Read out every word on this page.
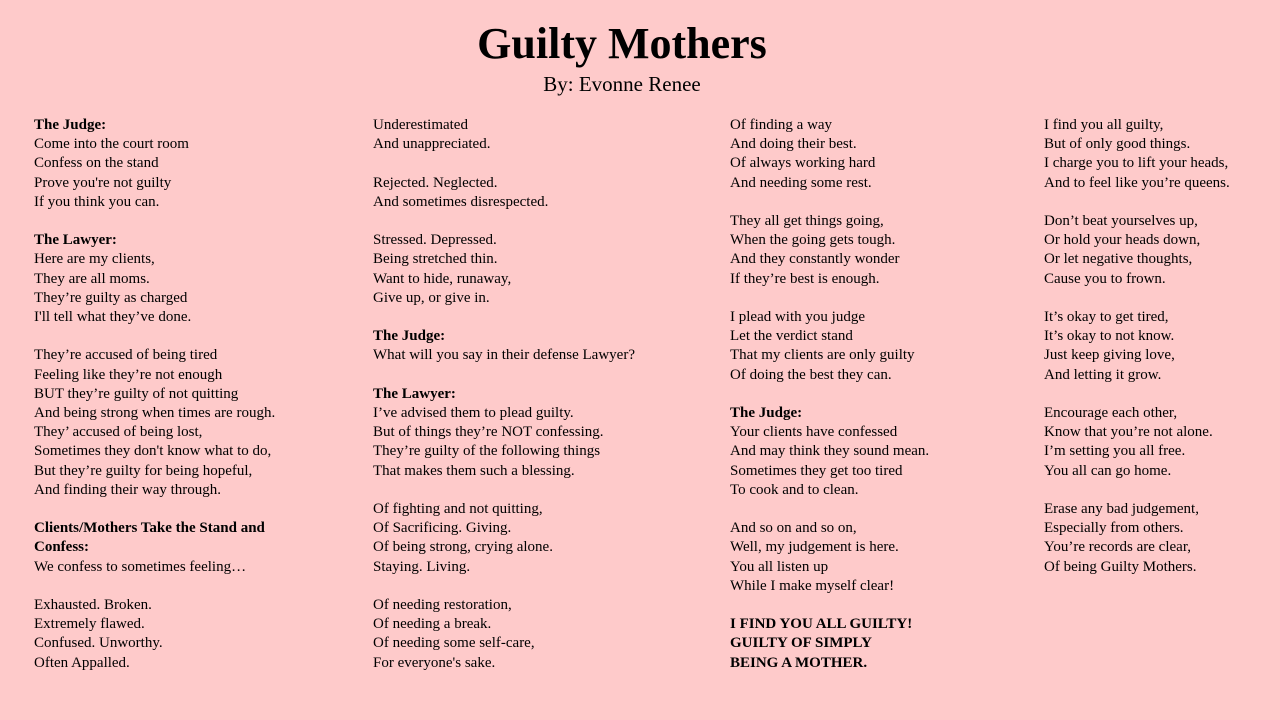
Guilty Mothers
By: Evonne Renee
The Judge:
Come into the court room
Confess on the stand
Prove you're not guilty
If you think you can.
The Lawyer:
Here are my clients,
They are all moms.
They’re guilty as charged
I'll tell what they’ve done.
They’re accused of being tired
Feeling like they’re not enough
BUT they’re guilty of not quitting
And being strong when times are rough.
They’ accused of being lost,
Sometimes they don't know what to do,
But they’re guilty for being hopeful,
And finding their way through.
Clients/Mothers Take the Stand and
Confess:
We confess to sometimes feeling…
Exhausted. Broken.
Extremely flawed.
Confused. Unworthy.
Often Appalled.
Underestimated
And unappreciated.
Rejected. Neglected.
And sometimes disrespected.
Stressed. Depressed.
Being stretched thin.
Want to hide, runaway,
Give up, or give in.
The Judge:
What will you say in their defense Lawyer?
The Lawyer:
I’ve advised them to plead guilty.
But of things they’re NOT confessing.
They’re guilty of the following things
That makes them such a blessing.
Of fighting and not quitting,
Of Sacrificing. Giving.
Of being strong, crying alone.
Staying. Living.
Of needing restoration,
Of needing a break.
Of needing some self-care,
For everyone's sake.
Of finding a way
And doing their best.
Of always working hard
And needing some rest.
They all get things going,
When the going gets tough.
And they constantly wonder
If they’re best is enough.
I plead with you judge
Let the verdict stand
That my clients are only guilty
Of doing the best they can.
The Judge:
Your clients have confessed
And may think they sound mean.
Sometimes they get too tired
To cook and to clean.
And so on and so on,
Well, my judgement is here.
You all listen up
While I make myself clear!
I FIND YOU ALL GUILTY!
GUILTY OF SIMPLY
BEING A MOTHER.
I find you all guilty,
But of only good things.
I charge you to lift your heads,
And to feel like you’re queens.
Don’t beat yourselves up,
Or hold your heads down,
Or let negative thoughts,
Cause you to frown.
It’s okay to get tired,
It’s okay to not know.
Just keep giving love,
And letting it grow.
Encourage each other,
Know that you’re not alone.
I’m setting you all free.
You all can go home.
Erase any bad judgement,
Especially from others.
You’re records are clear,
Of being Guilty Mothers.
